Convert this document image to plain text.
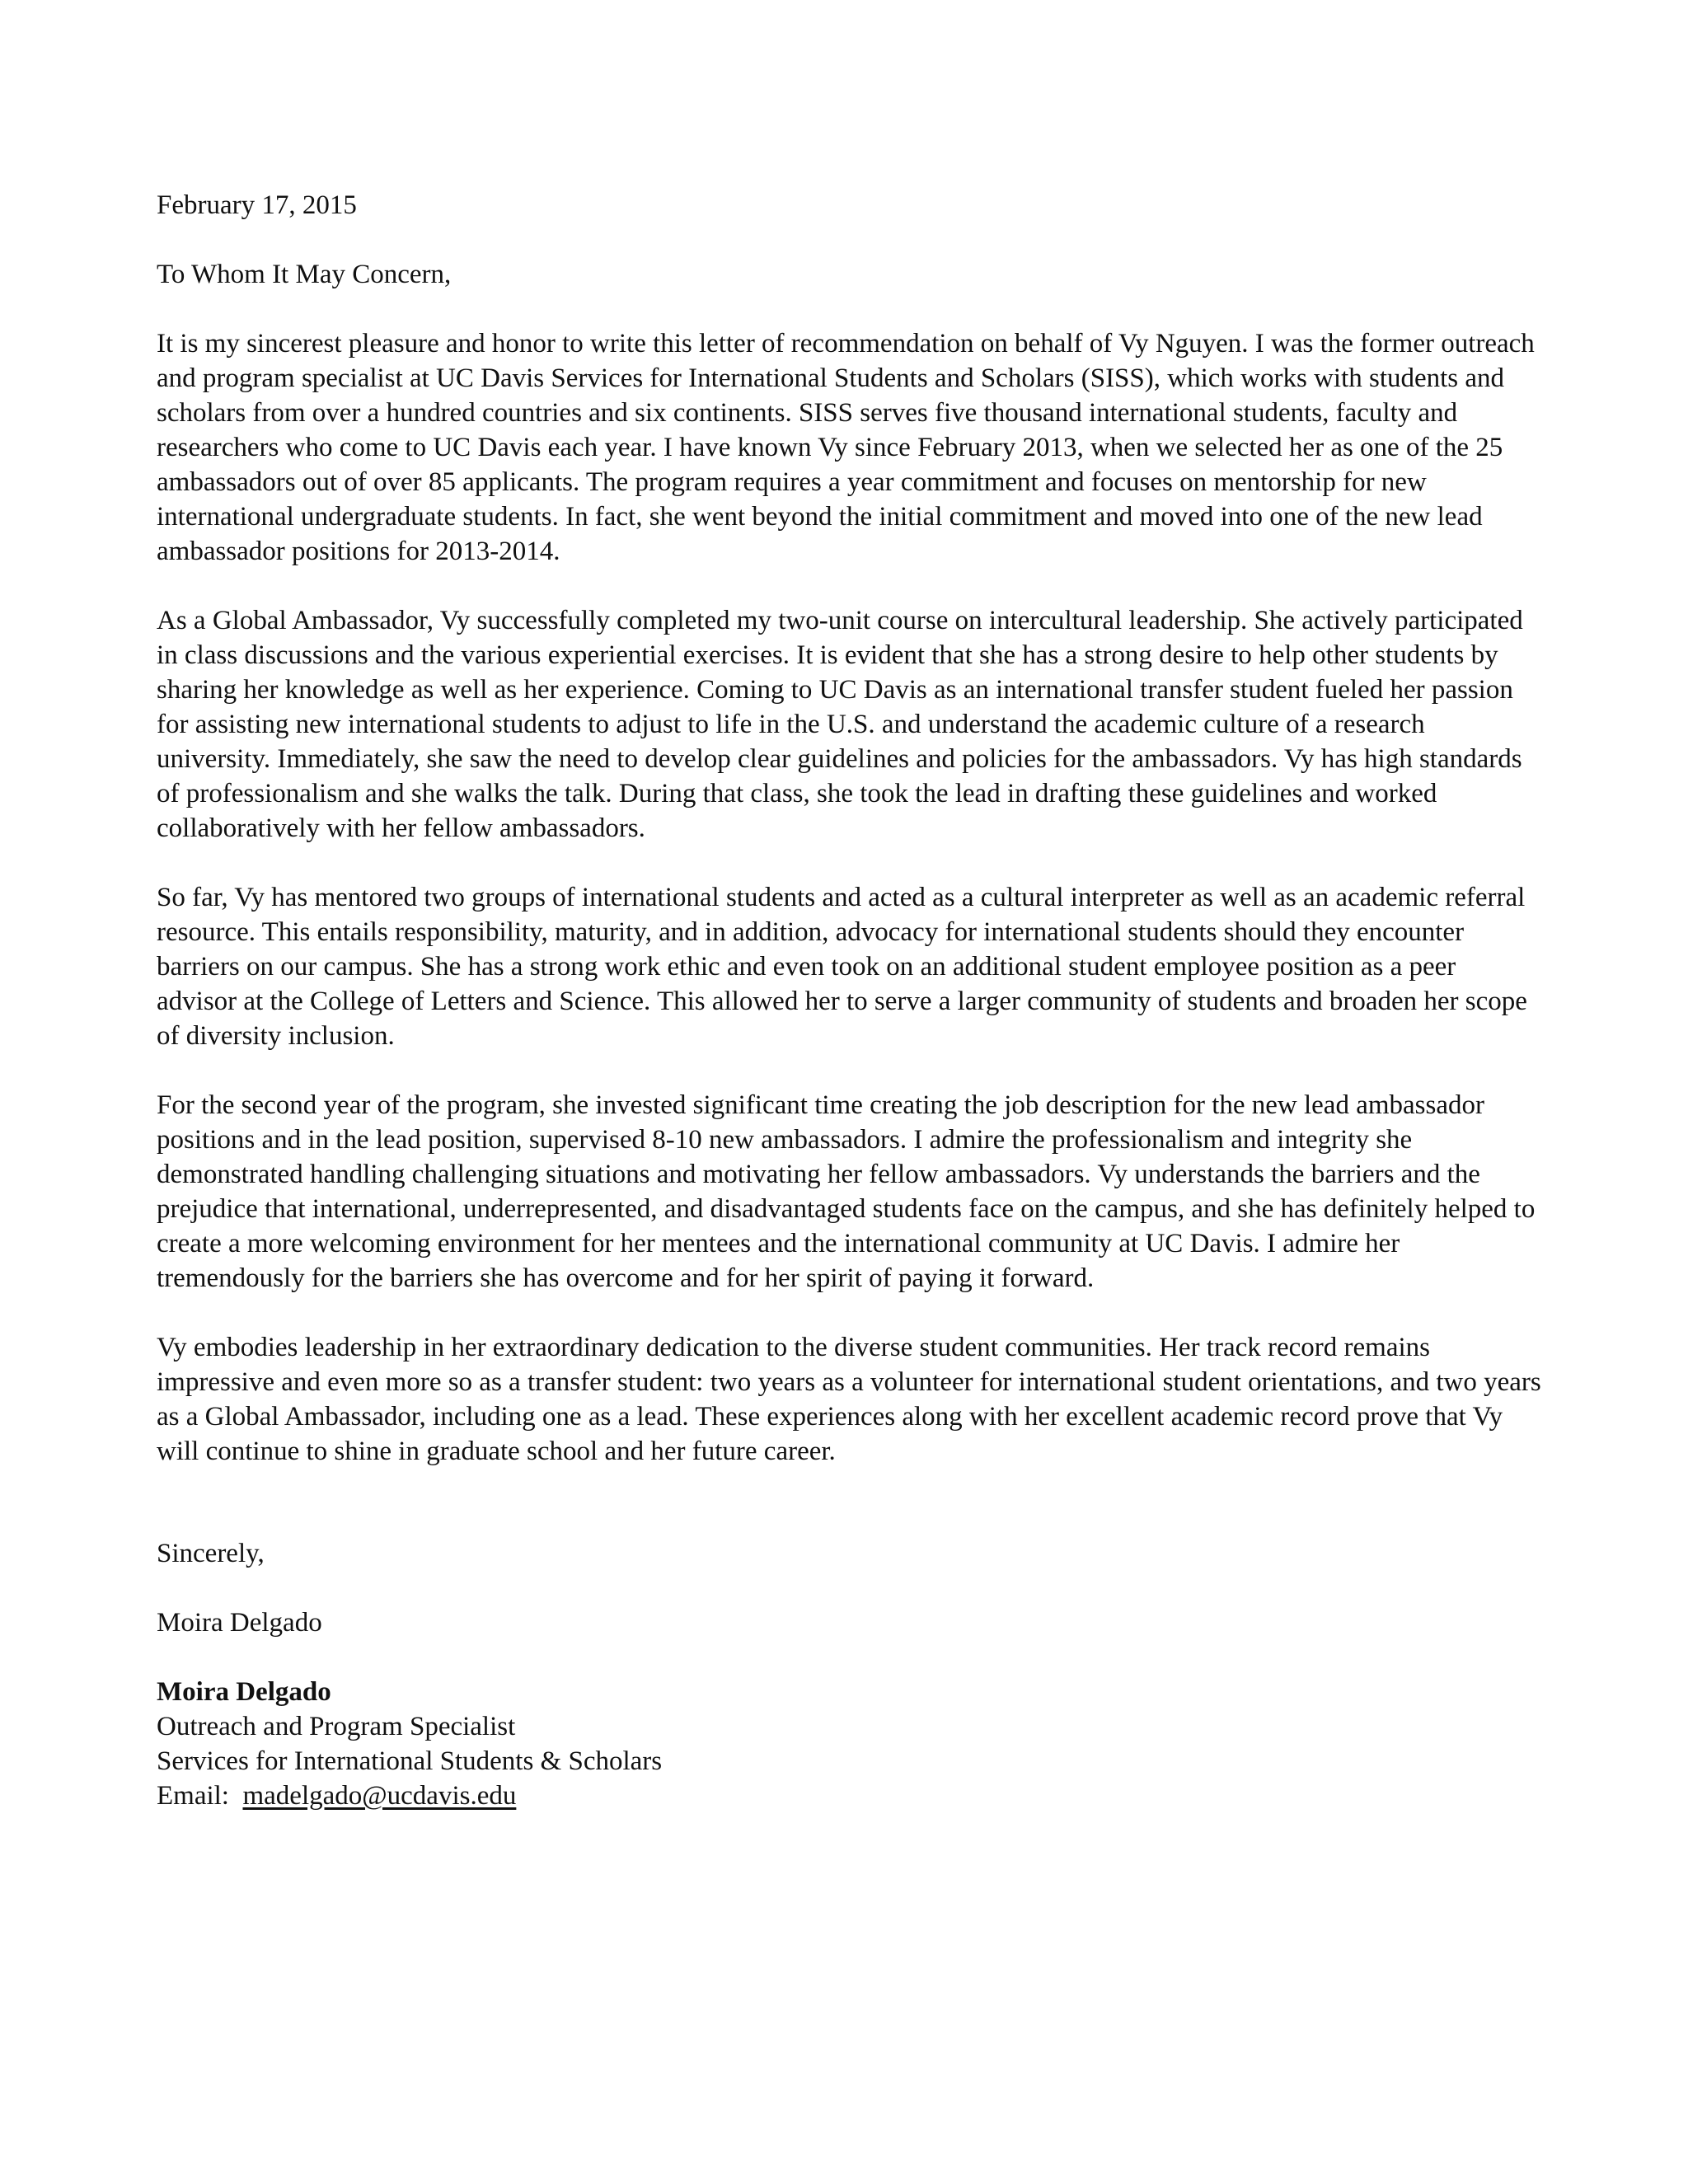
February 17, 2015
To Whom It May Concern,
It is my sincerest pleasure and honor to write this letter of recommendation on behalf of Vy Nguyen. I was the former outreach and program specialist at UC Davis Services for International Students and Scholars (SISS), which works with students and scholars from over a hundred countries and six continents. SISS serves five thousand international students, faculty and researchers who come to UC Davis each year. I have known Vy since February 2013, when we selected her as one of the 25 ambassadors out of over 85 applicants. The program requires a year commitment and focuses on mentorship for new international undergraduate students. In fact, she went beyond the initial commitment and moved into one of the new lead ambassador positions for 2013-2014.
As a Global Ambassador, Vy successfully completed my two-unit course on intercultural leadership. She actively participated in class discussions and the various experiential exercises. It is evident that she has a strong desire to help other students by sharing her knowledge as well as her experience. Coming to UC Davis as an international transfer student fueled her passion for assisting new international students to adjust to life in the U.S. and understand the academic culture of a research university. Immediately, she saw the need to develop clear guidelines and policies for the ambassadors. Vy has high standards of professionalism and she walks the talk. During that class, she took the lead in drafting these guidelines and worked collaboratively with her fellow ambassadors.
So far, Vy has mentored two groups of international students and acted as a cultural interpreter as well as an academic referral resource. This entails responsibility, maturity, and in addition, advocacy for international students should they encounter barriers on our campus. She has a strong work ethic and even took on an additional student employee position as a peer advisor at the College of Letters and Science. This allowed her to serve a larger community of students and broaden her scope of diversity inclusion.
For the second year of the program, she invested significant time creating the job description for the new lead ambassador positions and in the lead position, supervised 8-10 new ambassadors. I admire the professionalism and integrity she demonstrated handling challenging situations and motivating her fellow ambassadors. Vy understands the barriers and the prejudice that international, underrepresented, and disadvantaged students face on the campus, and she has definitely helped to create a more welcoming environment for her mentees and the international community at UC Davis. I admire her tremendously for the barriers she has overcome and for her spirit of paying it forward.
Vy embodies leadership in her extraordinary dedication to the diverse student communities. Her track record remains impressive and even more so as a transfer student: two years as a volunteer for international student orientations, and two years as a Global Ambassador, including one as a lead. These experiences along with her excellent academic record prove that Vy will continue to shine in graduate school and her future career.
Sincerely,
Moira Delgado
Moira Delgado
Outreach and Program Specialist
Services for International Students & Scholars
Email: madelgado@ucdavis.edu
